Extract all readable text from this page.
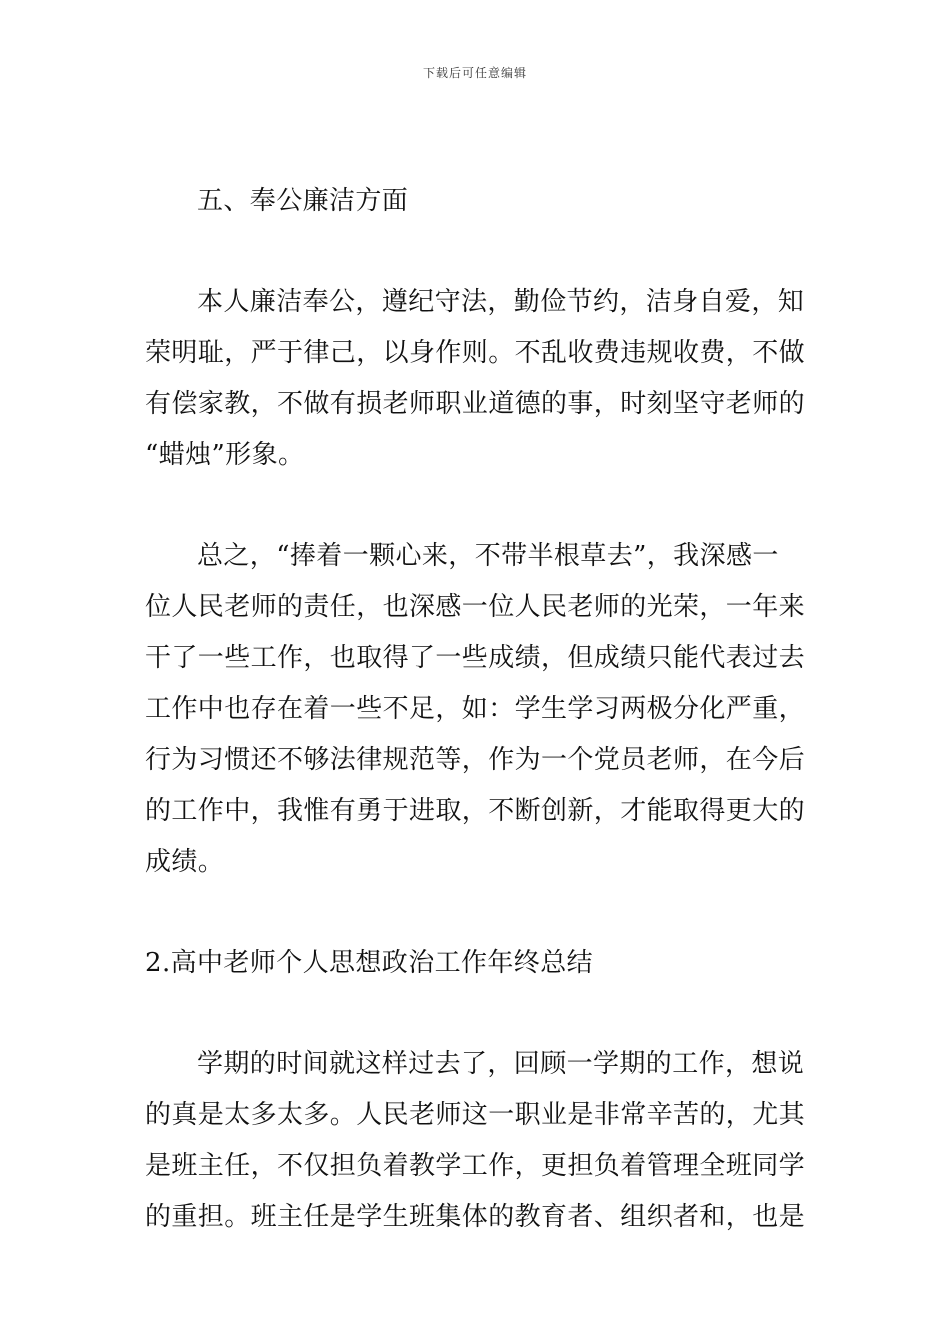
下载后可任意编辑
五、奉公廉洁方面
本人廉洁奉公，遵纪守法，勤俭节约，洁身自爱，知
荣明耻，严于律己，以身作则。不乱收费违规收费，不做
有偿家教，不做有损老师职业道德的事，时刻坚守老师的
“蜡烛”形象。
总之，“捧着一颗心来，不带半根草去”，我深感一
位人民老师的责任，也深感一位人民老师的光荣，一年来
干了一些工作，也取得了一些成绩，但成绩只能代表过去
工作中也存在着一些不足，如：学生学习两极分化严重，
行为习惯还不够法律规范等，作为一个党员老师，在今后
的工作中，我惟有勇于进取，不断创新，才能取得更大的
成绩。
2.高中老师个人思想政治工作年终总结
学期的时间就这样过去了，回顾一学期的工作，想说
的真是太多太多。人民老师这一职业是非常辛苦的，尤其
是班主任，不仅担负着教学工作，更担负着管理全班同学
的重担。班主任是学生班集体的教育者、组织者和，也是
